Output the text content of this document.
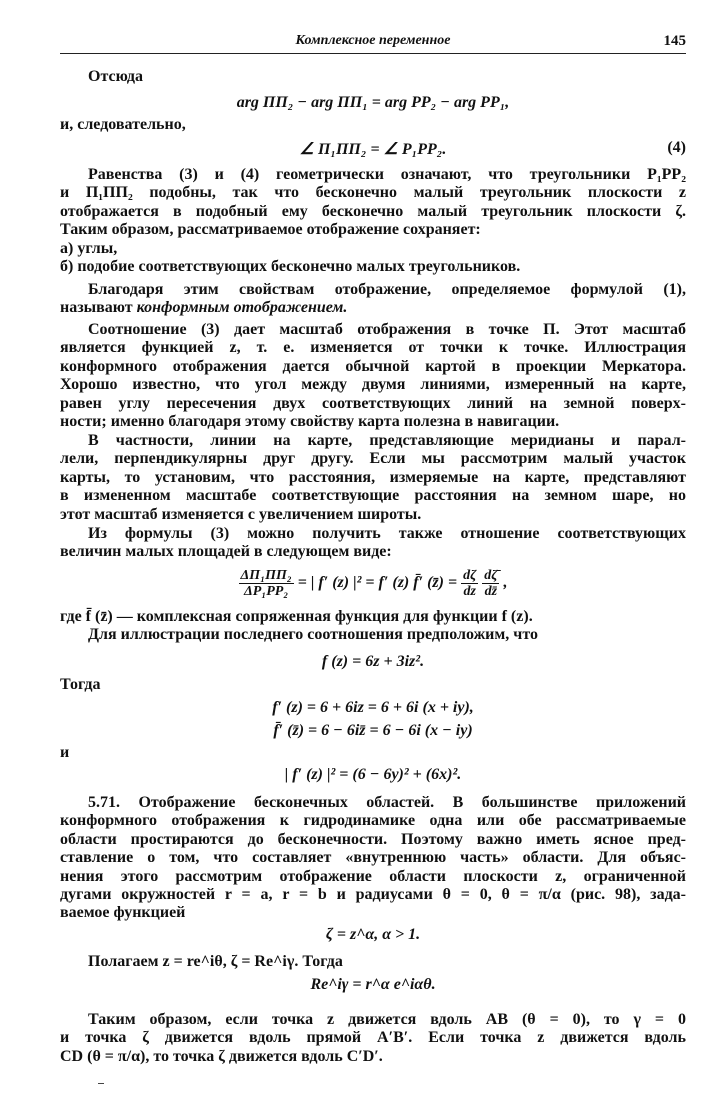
Комплексное переменное	145
Отсюда
arg ΠΠ₂ − arg ΠΠ₁ = arg PP₂ − arg PP₁,
и, следовательно,
∠ Π₁ΠΠ₂ = ∠ P₁PP₂.	(4)
Равенства (3) и (4) геометрически означают, что треугольники P₁PP₂
и Π₁ΠΠ₂ подобны, так что бесконечно малый треугольник плоскости z
отображается в подобный ему бесконечно малый треугольник плоскости ζ.
Таким образом, рассматриваемое отображение сохраняет:
а) углы,
б) подобие соответствующих бесконечно малых треугольников.
Благодаря этим свойствам отображение, определяемое формулой (1),
называют конформным отображением.
Соотношение (3) дает масштаб отображения в точке Π. Этот масштаб
является функцией z, т. е. изменяется от точки к точке. Иллюстрация
конформного отображения дается обычной картой в проекции Меркатора.
Хорошо известно, что угол между двумя линиями, измеренный на карте,
равен углу пересечения двух соответствующих линий на земной поверх-
ности; именно благодаря этому свойству карта полезна в навигации.
В частности, линии на карте, представляющие меридианы и парал-
лели, перпендикулярны друг другу. Если мы рассмотрим малый участок
карты, то установим, что расстояния, измеряемые на карте, представляют
в измененном масштабе соответствующие расстояния на земном шаре, но
этот масштаб изменяется с увеличением широты.
Из формулы (3) можно получить также отношение соответствующих
величин малых площадей в следующем виде:
$\frac{\text{ΔΠ₁ΠΠ₂}}{\text{ΔP₁PP₂}}$ = | f′ (z) |² = f′ (z) f̄′ (z̄) = $\frac{d\zeta}{dz}$
$\frac{d\zetā}{dz̄}$ ,
где f̄ (z̄) — комплексная сопряженная функция для функции f (z).
Для иллюстрации последнего соотношения предположим, что
f (z) = 6z + 3iz².
Тогда
f′ (z) = 6 + 6iz = 6 + 6i (x + iy),
f̄′ (z̄) = 6 − 6iz̄ = 6 − 6i (x − iy)
и
| f′ (z) |² = (6 − 6y)² + (6x)².
5.71. Отображение бесконечных областей. В большинстве приложений
конформного отображения к гидродинамике одна или обе рассматриваемые
области простираются до бесконечности. Поэтому важно иметь ясное пред-
ставление о том, что составляет «внутреннюю часть» области. Для объяс-
нения этого рассмотрим отображение области плоскости z, ограниченной
дугами окружностей r = a, r = b и радиусами θ = 0, θ = π/α (рис. 98), зада-
ваемое функцией
ζ = z^α, α > 1.
Полагаем z = re^iθ, ζ = Re^iγ. Тогда
Re^iγ = r^α e^iαθ.
Таким образом, если точка z движется вдоль AB (θ = 0), то γ = 0
и точка ζ движется вдоль прямой A′B′. Если точка z движется вдоль
CD (θ = π/α), то точка ζ движется вдоль C′D′.
